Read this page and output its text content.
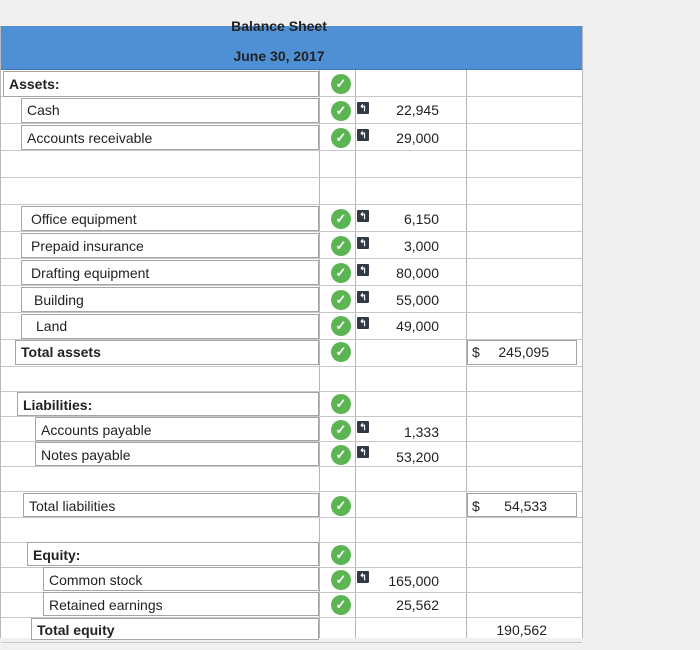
Balance Sheet
June 30, 2017
Assets:	✓
Cash	✓	↰	22,945
Accounts receivable	✓	↰	29,000
Office equipment	✓	↰	6,150
Prepaid insurance	✓	↰	3,000
Drafting equipment	✓	↰	80,000
Building	✓	↰	55,000
Land	✓	↰	49,000
Total assets	✓	$	245,095
Liabilities:	✓
Accounts payable	✓	↰	1,333
Notes payable	✓	↰	53,200
Total liabilities	✓	$	54,533
Equity:	✓
Common stock	✓	↰	165,000
Retained earnings	✓	25,562
Total equity	190,562
